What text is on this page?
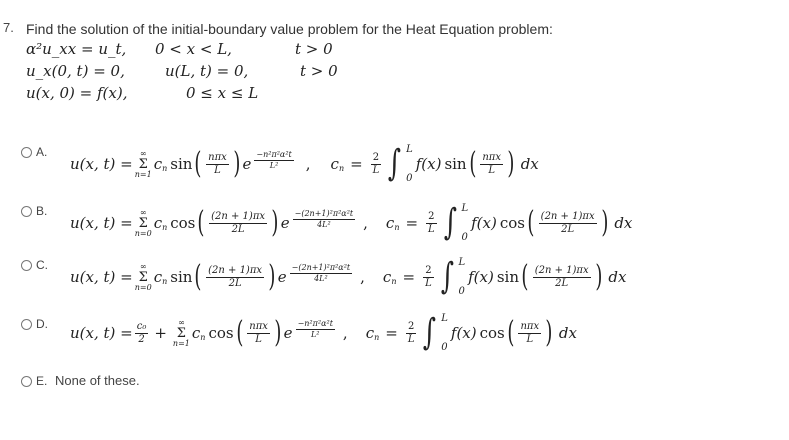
7. Find the solution of the initial-boundary value problem for the Heat Equation problem:
α²u_xx = u_t, 0 < x < L,	t > 0
u_x(0, t) = 0,	u(L, t) = 0,	t > 0
u(x, 0) = f(x),	0 ≤ x ≤ L
A.
u(x, t) =
∞
Σ
n=1
c n sin ( $\frac{\text{nπx}}{L}$ ) e $\frac{\text{−n²π²α²t}}{\text{L²}}$ , c $n = \frac{2}{L}$ ∫ L
0
f(x) sin ( $\frac{\text{nπx}}{L}$ ) dx
B.
u(x, t) =
∞
Σ
n=0
c n cos ( $\frac{(2n + 1)\pi x}{2L}$ ) e $\frac{\text{−(2n+1)²π²α²t}}{\text{4L²}}$ , c $n = \frac{2}{L}$ ∫ L
0
f(x) cos ( $\frac{(2n + 1)\pi x}{2L}$ ) dx
C.
u(x, t) =
∞
Σ
n=0
c n sin ( $\frac{(2n + 1)\pi x}{2L}$ ) e $\frac{\text{−(2n+1)²π²α²t}}{\text{4L²}}$ , c $n = \frac{2}{L}$ ∫ L
0
f(x) sin ( $\frac{(2n + 1)\pi x}{2L}$ ) dx
D. u(x, $t) = \frac{\text{c₀}}{2}$ +
∞
Σ
n=1
c n cos ( $\frac{\text{nπx}}{L}$ ) e $\frac{\text{−n²π²α²t}}{\text{L²}}$ , c $n = \frac{2}{L}$ ∫ L
0
f(x) cos ( $\frac{\text{nπx}}{L}$ ) dx
E. None of these.
